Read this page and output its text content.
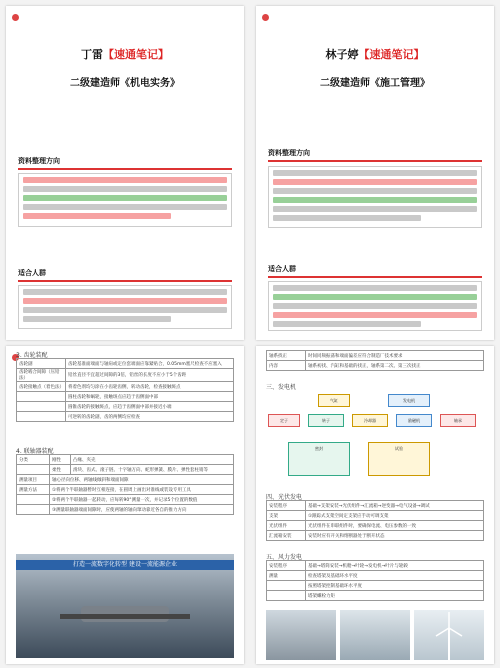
丁雷【速通笔记】
二级建造师《机电实务》
资料整理方向
适合人群
林子婷【速通笔记】
二级建造师《施工管理》
资料整理方向
适合人群
3. 齿轮装配
齿轮副	齿轮基准面端面与轴肩或定位套端面应靠紧贴合，0.05mm塞尺检查不应塞入
齿轮啮合间隙（压铅法）	铅丝直径不宜超过间隙的3倍，铅丝的长度不应小于5个齿距
齿轮接触点（着色法）	将着色剂均匀涂在小齿轮齿侧，转动齿轮，检查接触斑点
	圆柱齿轮和蜗轮，接触斑点应趋于齿侧面中部
	圆锥齿轮的接触斑点，应趋于齿侧面中部并接近小端
	可逆转的齿轮副，齿的两侧均应检查
4. 联轴器装配
分类	刚性	凸缘、夹壳
	柔性	滑块、齿式、滚子链、十字轴万向、蛇形弹簧、膜片、弹性套柱销等
测量项目	轴心径向位移、两轴线倾斜和端面间隙	
测量方法	①将两个半联轴器暂时互相连接，在圆周上画出对准线或装设专用工具	
	②将两个半联轴器一起转动，应每转90°测量一次，并记录5个位置的数值	
	③测量联轴器端面间隙时，应使两轴的轴向窜动靠近各自的推力方向	
打造一流数字化转型 建设一流能源企业
轴系找正	时间同频振荡和端面偏差应符合制造厂技术要求
内容	轴系初找、汽缸和基础的找正，轴系第二次、第三次找正
三、发电机
气缸	发电机
定子	转子	冷却器	励磁机	轴承
密封	试验
四、光伏发电
安装程序	基础→支架安装→光伏组件→汇流箱→逆变器→电气设备→调试
支架	①跟踪式支架空间定支架应手动可调支架
光伏组件	光伏组件在串联组件时，要确保电流、电压参数的一致
汇流箱安装	安装时应有开关和熔断器处于断开状态
五、风力发电
安装程序	基础→塔筒安装→机舱→叶轮→发电机→叶片与轮毂
测量	检查塔架及基础环水平度
	按照塔架控制基础环水平度
	塔架螺栓力矩
